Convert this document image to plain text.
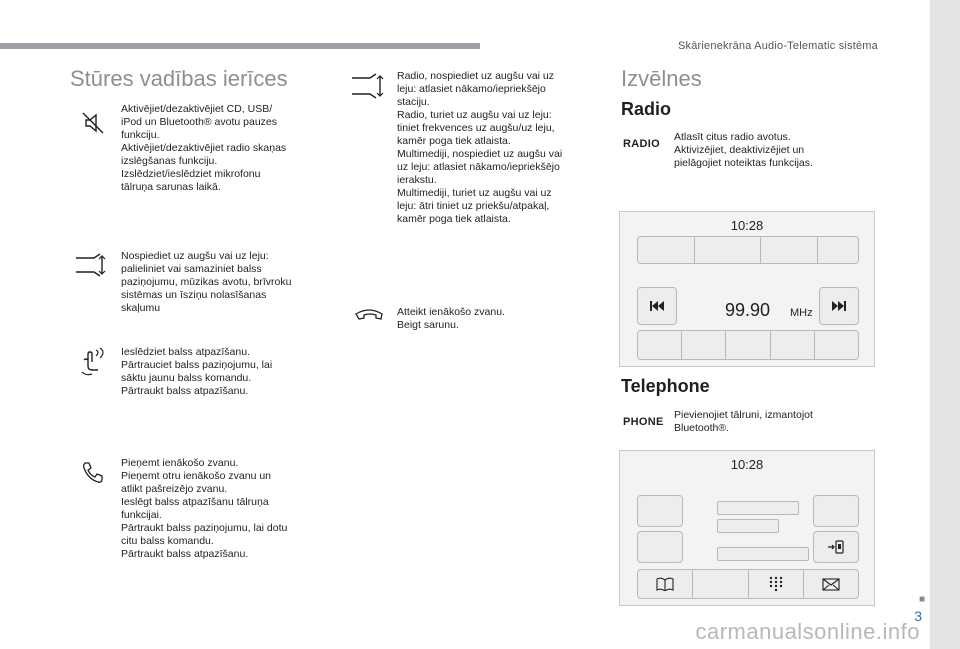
Skārienekrāna Audio-Telematic sistēma
Stūres vadības ierīces
Aktivējiet/dezaktivējiet CD, USB/
iPod un Bluetooth® avotu pauzes
funkciju.
Aktivējiet/dezaktivējiet radio skaņas
izslēgšanas funkciju.
Izslēdziet/ieslēdziet mikrofonu
tālruņa sarunas laikā.
Nospiediet uz augšu vai uz leju:
palieliniet vai samaziniet balss
paziņojumu, mūzikas avotu, brīvroku
sistēmas un īsziņu nolasīšanas
skaļumu
Ieslēdziet balss atpazīšanu.
Pārtrauciet balss paziņojumu, lai
sāktu jaunu balss komandu.
Pārtraukt balss atpazīšanu.
Pieņemt ienākošo zvanu.
Pieņemt otru ienākošo zvanu un
atlikt pašreizējo zvanu.
Ieslēgt balss atpazīšanu tālruņa
funkcijai.
Pārtraukt balss paziņojumu, lai dotu
citu balss komandu.
Pārtraukt balss atpazīšanu.
Radio, nospiediet uz augšu vai uz
leju: atlasiet nākamo/iepriekšējo
staciju.
Radio, turiet uz augšu vai uz leju:
tiniet frekvences uz augšu/uz leju,
kamēr poga tiek atlaista.
Multimediji, nospiediet uz augšu vai
uz leju: atlasiet nākamo/iepriekšējo
ierakstu.
Multimediji, turiet uz augšu vai uz
leju: ātri tiniet uz priekšu/atpakaļ,
kamēr poga tiek atlaista.
Atteikt ienākošo zvanu.
Beigt sarunu.
Izvēlnes
Radio
RADIO
Atlasīt citus radio avotus.
Aktivizējiet, deaktivizējiet un
pielāgojiet noteiktas funkcijas.
10:28
99.90 MHz
Telephone
PHONE
Pievienojiet tālruni, izmantojot
Bluetooth®.
10:28
■
3
carmanualsonline.info
